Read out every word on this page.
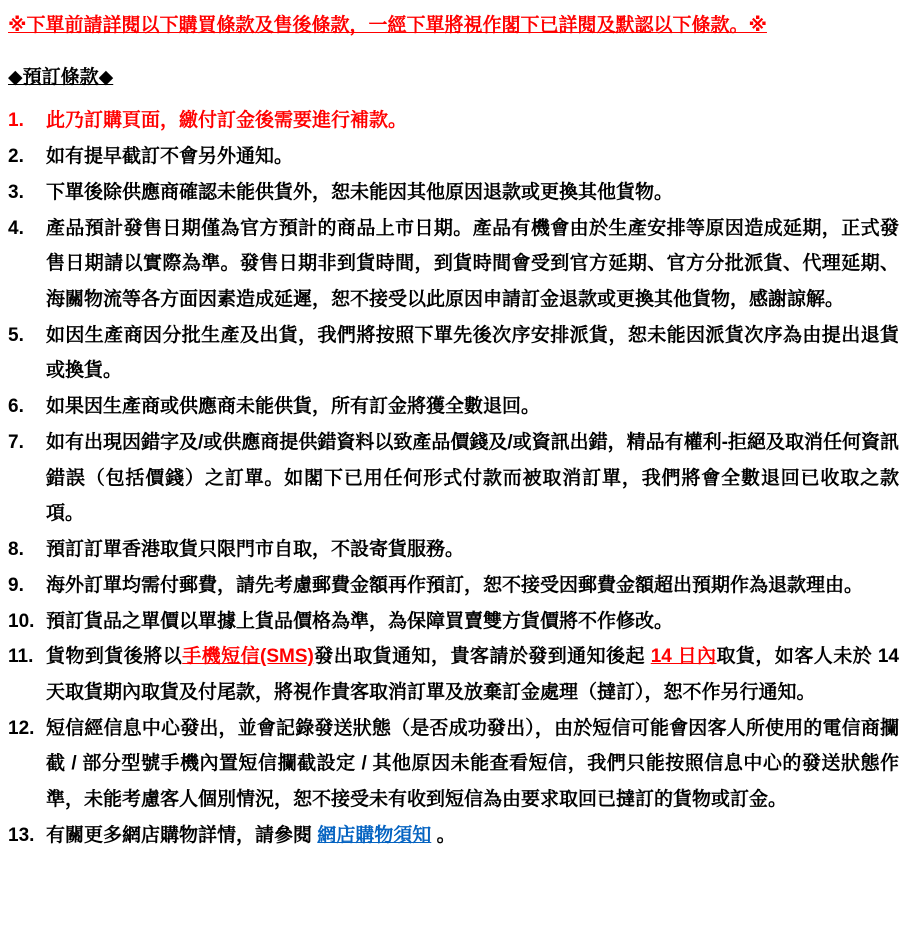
※下單前請詳閱以下購買條款及售後條款，一經下單將視作閣下已詳閱及默認以下條款。※
◆預訂條款◆
1.	此乃訂購頁面，繳付訂金後需要進行補款。
2.	如有提早截訂不會另外通知。
3.	下單後除供應商確認未能供貨外，恕未能因其他原因退款或更換其他貨物。
4.	產品預計發售日期僅為官方預計的商品上市日期。產品有機會由於生產安排等原因造成延期，正式發售日期請以實際為準。發售日期非到貨時間，到貨時間會受到官方延期、官方分批派貨、代理延期、海關物流等各方面因素造成延遲，恕不接受以此原因申請訂金退款或更換其他貨物，感謝諒解。
5.	如因生產商因分批生產及出貨，我們將按照下單先後次序安排派貨，恕未能因派貨次序為由提出退貨或換貨。
6.	如果因生產商或供應商未能供貨，所有訂金將獲全數退回。
7.	如有出現因錯字及/或供應商提供錯資料以致產品價錢及/或資訊出錯，精品有權利-拒絕及取消任何資訊錯誤（包括價錢）之訂單。如閣下已用任何形式付款而被取消訂單，我們將會全數退回已收取之款項。
8.	預訂訂單香港取貨只限門市自取，不設寄貨服務。
9.	海外訂單均需付郵費，請先考慮郵費金額再作預訂，恕不接受因郵費金額超出預期作為退款理由。
10. 預訂貨品之單價以單據上貨品價格為準，為保障買賣雙方貨價將不作修改。
11. 貨物到貨後將以手機短信(SMS)發出取貨通知，貴客請於發到通知後起 14 日內取貨，如客人未於 14 天取貨期內取貨及付尾款，將視作貴客取消訂單及放棄訂金處理（撻訂），恕不作另行通知。
12. 短信經信息中心發出，並會記錄發送狀態（是否成功發出），由於短信可能會因客人所使用的電信商攔截 / 部分型號手機內置短信攔截設定 / 其他原因未能查看短信，我們只能按照信息中心的發送狀態作準，未能考慮客人個別情況，恕不接受未有收到短信為由要求取回已撻訂的貨物或訂金。
13. 有關更多網店購物詳情，請參閱 網店購物須知 。
